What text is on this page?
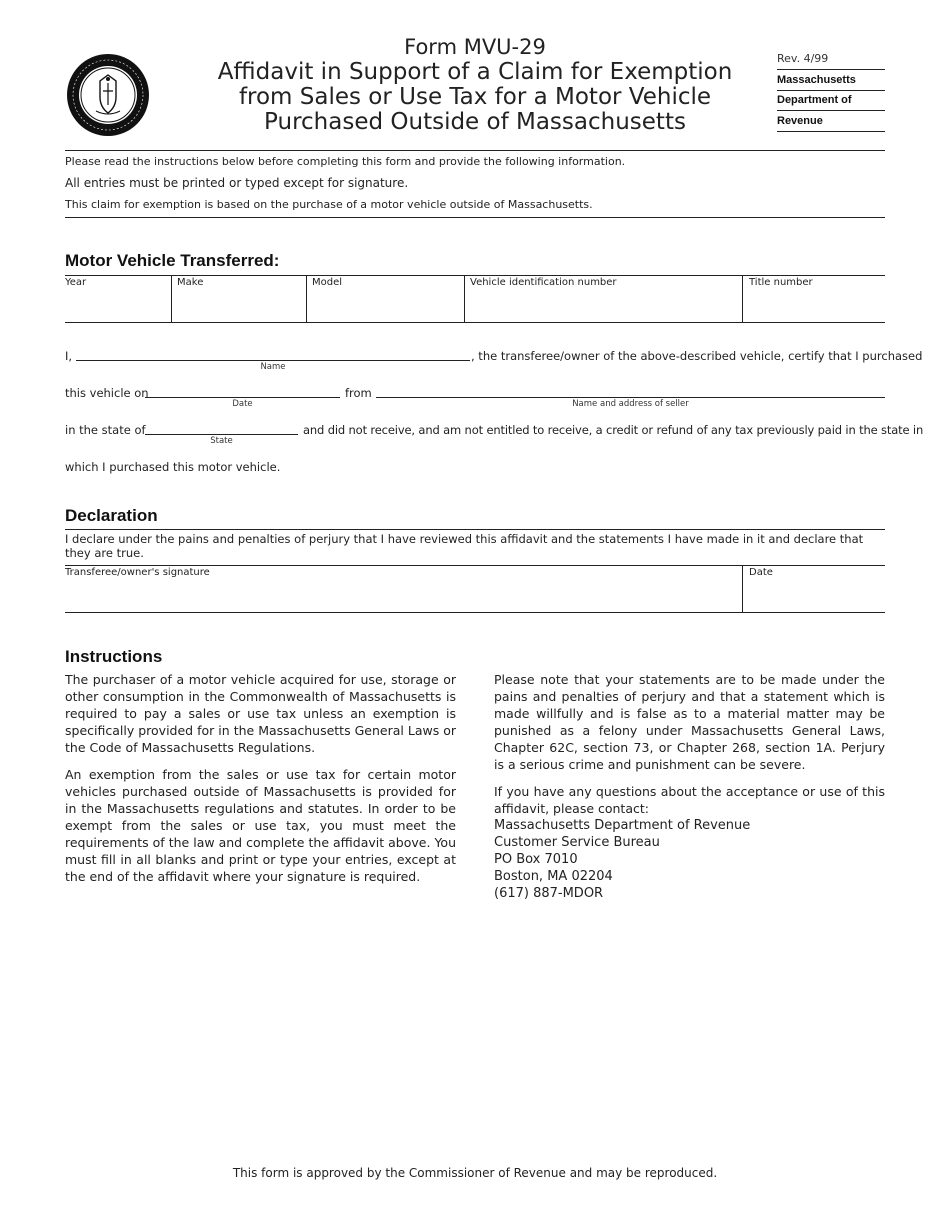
Form MVU-29
Affidavit in Support of a Claim for Exemption
from Sales or Use Tax for a Motor Vehicle
Purchased Outside of Massachusetts
Rev. 4/99
Massachusetts
Department of
Revenue
Please read the instructions below before completing this form and provide the following information.
All entries must be printed or typed except for signature.
This claim for exemption is based on the purchase of a motor vehicle outside of Massachusetts.
Motor Vehicle Transferred:
Year	Make	Model	Vehicle identification number	Title number
I,
Name
, the transferee/owner of the above-described vehicle, certify that I purchased
this vehicle on
Date
from
Name and address of seller
in the state of
State
and did not receive, and am not entitled to receive, a credit or refund of any tax previously paid in the state in
which I purchased this motor vehicle.
Declaration
I declare under the pains and penalties of perjury that I have reviewed this affidavit and the statements I have made in it and declare that they are true.
Transferee/owner's signature	Date
Instructions

The purchaser of a motor vehicle acquired for use, storage or other consumption in the Commonwealth of Massachusetts is required to pay a sales or use tax unless an exemption is specifically provided for in the Massachusetts General Laws or the Code of Massachusetts Regulations.

An exemption from the sales or use tax for certain motor vehicles purchased outside of Massachusetts is provided for in the Massachusetts regulations and statutes. In order to be exempt from the sales or use tax, you must meet the requirements of the law and complete the affidavit above. You must fill in all blanks and print or type your entries, except at the end of the affidavit where your signature is required.

Please note that your statements are to be made under the pains and penalties of perjury and that a statement which is made willfully and is false as to a material matter may be punished as a felony under Massachusetts General Laws, Chapter 62C, section 73, or Chapter 268, section 1A. Perjury is a serious crime and punishment can be severe.

If you have any questions about the acceptance or use of this affidavit, please contact:
Massachusetts Department of Revenue
Customer Service Bureau
PO Box 7010
Boston, MA 02204
(617) 887-MDOR
This form is approved by the Commissioner of Revenue and may be reproduced.
